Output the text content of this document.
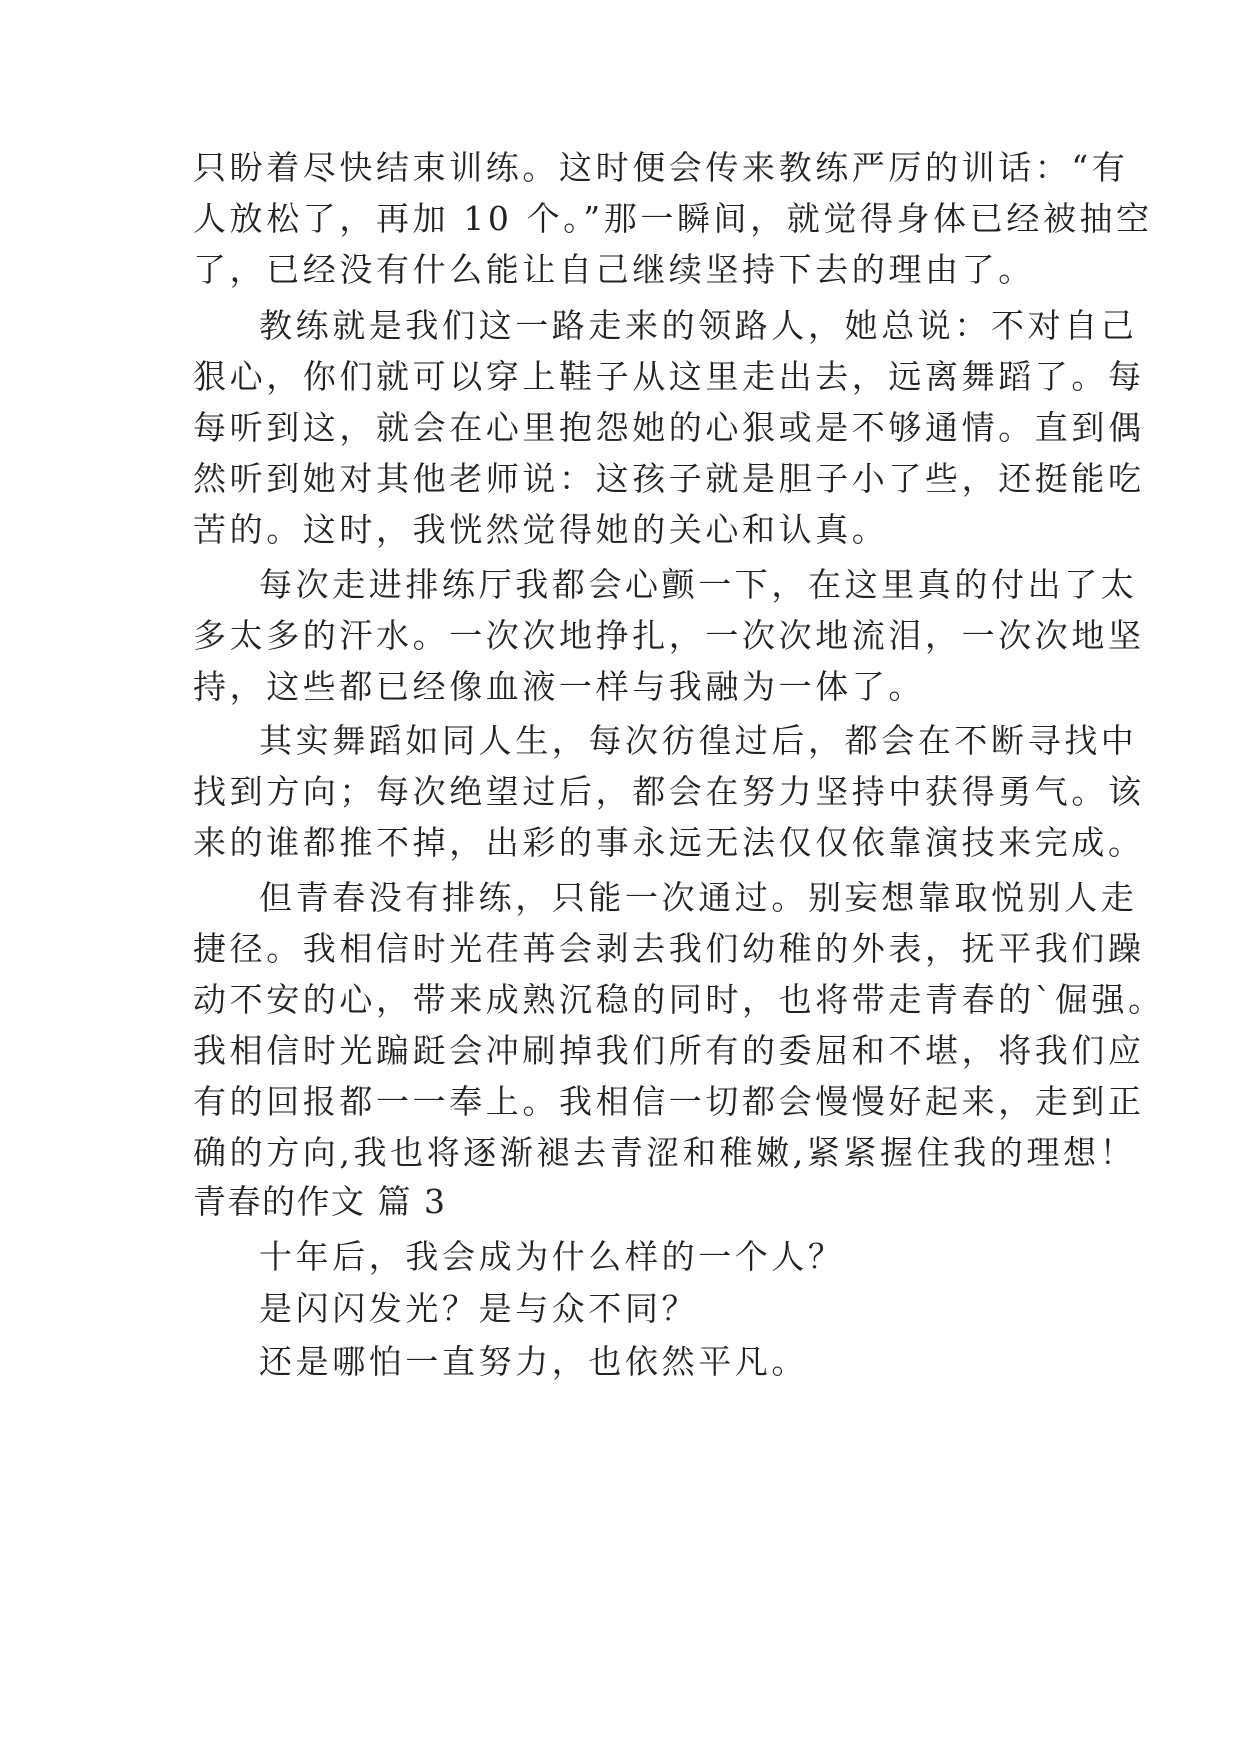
只盼着尽快结束训练。这时便会传来教练严厉的训话：“有
人放松了，再加 10 个。”那一瞬间，就觉得身体已经被抽空
了，已经没有什么能让自己继续坚持下去的理由了。
教练就是我们这一路走来的领路人，她总说：不对自己
狠心，你们就可以穿上鞋子从这里走出去，远离舞蹈了。每
每听到这，就会在心里抱怨她的心狠或是不够通情。直到偶
然听到她对其他老师说：这孩子就是胆子小了些，还挺能吃
苦的。这时，我恍然觉得她的关心和认真。
每次走进排练厅我都会心颤一下，在这里真的付出了太
多太多的汗水。一次次地挣扎，一次次地流泪，一次次地坚
持，这些都已经像血液一样与我融为一体了。
其实舞蹈如同人生，每次彷徨过后，都会在不断寻找中
找到方向；每次绝望过后，都会在努力坚持中获得勇气。该
来的谁都推不掉，出彩的事永远无法仅仅依靠演技来完成。
但青春没有排练，只能一次通过。别妄想靠取悦别人走
捷径。我相信时光荏苒会剥去我们幼稚的外表，抚平我们躁
动不安的心，带来成熟沉稳的同时，也将带走青春的`倔强。
我相信时光蹁跹会冲刷掉我们所有的委屈和不堪，将我们应
有的回报都一一奉上。我相信一切都会慢慢好起来，走到正
确的方向,我也将逐渐褪去青涩和稚嫩,紧紧握住我的理想！
青春的作文 篇 3
十年后，我会成为什么样的一个人？
是闪闪发光？是与众不同？
还是哪怕一直努力，也依然平凡。
